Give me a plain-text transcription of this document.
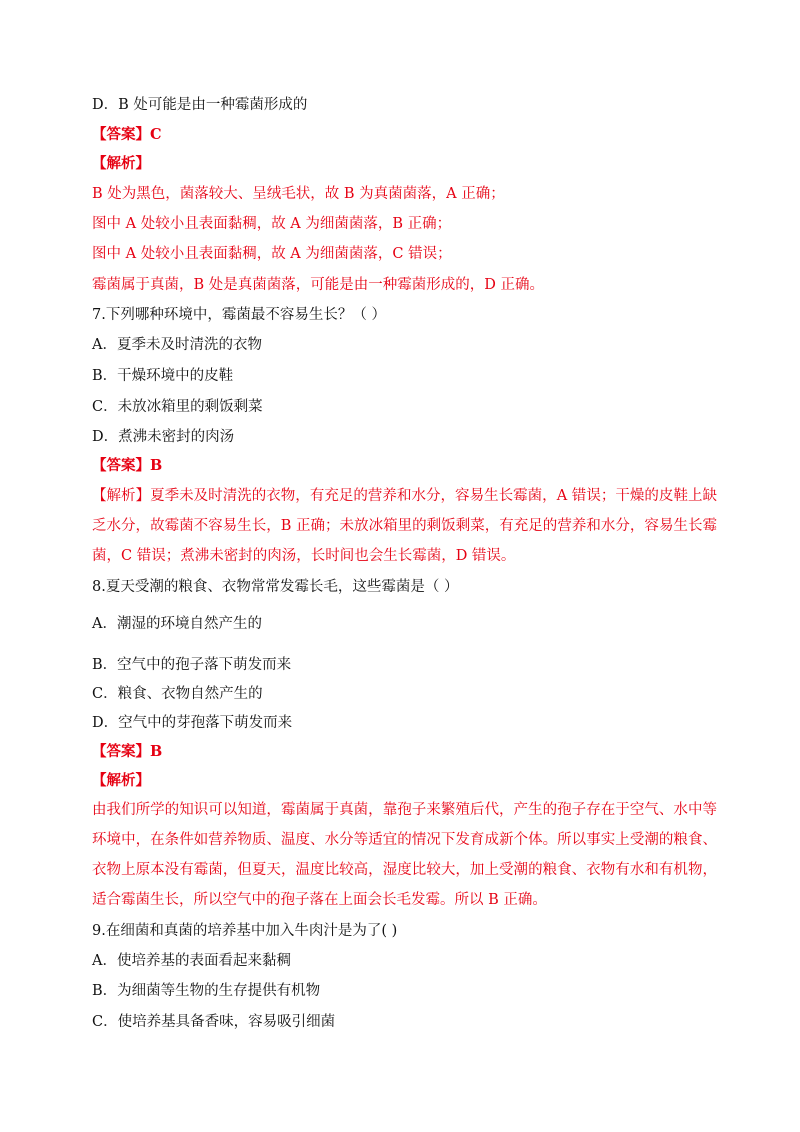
D．B 处可能是由一种霉菌形成的
【答案】C
【解析】
B 处为黑色，菌落较大、呈绒毛状，故 B 为真菌菌落，A 正确；
图中 A 处较小且表面黏稠，故 A 为细菌菌落，B 正确；
图中 A 处较小且表面黏稠，故 A 为细菌菌落，C 错误；
霉菌属于真菌，B 处是真菌菌落，可能是由一种霉菌形成的，D 正确。
7.下列哪种环境中，霉菌最不容易生长？（ ）
A．夏季未及时清洗的衣物
B．干燥环境中的皮鞋
C．未放冰箱里的剩饭剩菜
D．煮沸未密封的肉汤
【答案】B

【解析】夏季未及时清洗的衣物，有充足的营养和水分，容易生长霉菌，A 错误；干燥的皮鞋上缺乏水分，故霉菌不容易生长，B 正确；未放冰箱里的剩饭剩菜，有充足的营养和水分，容易生长霉菌，C 错误；煮沸未密封的肉汤，长时间也会生长霉菌，D 错误。

8.夏天受潮的粮食、衣物常常发霉长毛，这些霉菌是（ ）
A．潮湿的环境自然产生的
B．空气中的孢子落下萌发而来
C．粮食、衣物自然产生的
D．空气中的芽孢落下萌发而来
【答案】B
【解析】

由我们所学的知识可以知道，霉菌属于真菌，靠孢子来繁殖后代，产生的孢子存在于空气、水中等环境中，在条件如营养物质、温度、水分等适宜的情况下发育成新个体。所以事实上受潮的粮食、衣物上原本没有霉菌，但夏天，温度比较高，湿度比较大，加上受潮的粮食、衣物有水和有机物，适合霉菌生长，所以空气中的孢子落在上面会长毛发霉。所以 B 正确。

9.在细菌和真菌的培养基中加入牛肉汁是为了( )
A．使培养基的表面看起来黏稠
B．为细菌等生物的生存提供有机物
C．使培养基具备香味，容易吸引细菌
